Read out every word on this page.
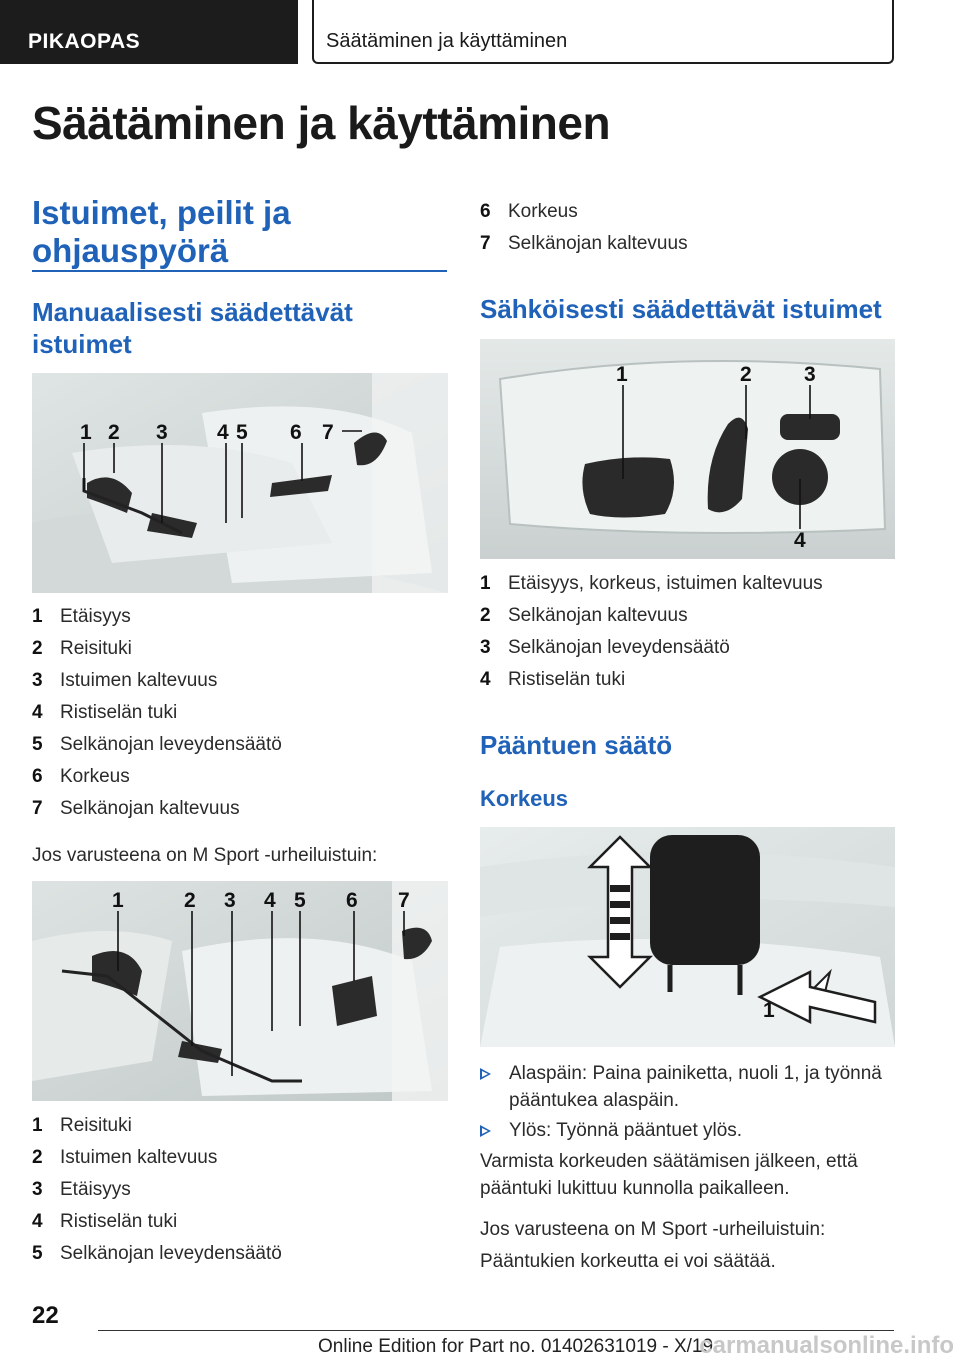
PIKAOPAS	Säätäminen ja käyttäminen
Säätäminen ja käyttäminen
Istuimet, peilit ja ohjauspyörä
Manuaalisesti säädettävät istuimet
1 2 3 4 5 6 7
1 Etäisyys
2 Reisituki
3 Istuimen kaltevuus
4 Ristiselän tuki
5 Selkänojan leveydensäätö
6 Korkeus
7 Selkänojan kaltevuus

Jos varusteena on M Sport -urheiluistuin:

1	2 3 4 5 6 7
1 Reisituki
2 Istuimen kaltevuus
3 Etäisyys
4 Ristiselän tuki
5 Selkänojan leveydensäätö
6 Korkeus
7 Selkänojan kaltevuus
Sähköisesti säädettävät istuimet
1	2 3
4
1 Etäisyys, korkeus, istuimen kaltevuus
2 Selkänojan kaltevuus
3 Selkänojan leveydensäätö
4 Ristiselän tuki
Pääntuen säätö
Korkeus
1
Alaspäin: Paina painiketta, nuoli 1, ja työnnä pääntukea alaspäin.
Ylös: Työnnä pääntuet ylös.

Varmista korkeuden säätämisen jälkeen, että pääntuki lukittuu kunnolla paikalleen.

Jos varusteena on M Sport -urheiluistuin:

Pääntukien korkeutta ei voi säätää.

22
Online Edition for Part no. 01402631019 - X/19
carmanualsonline.info
